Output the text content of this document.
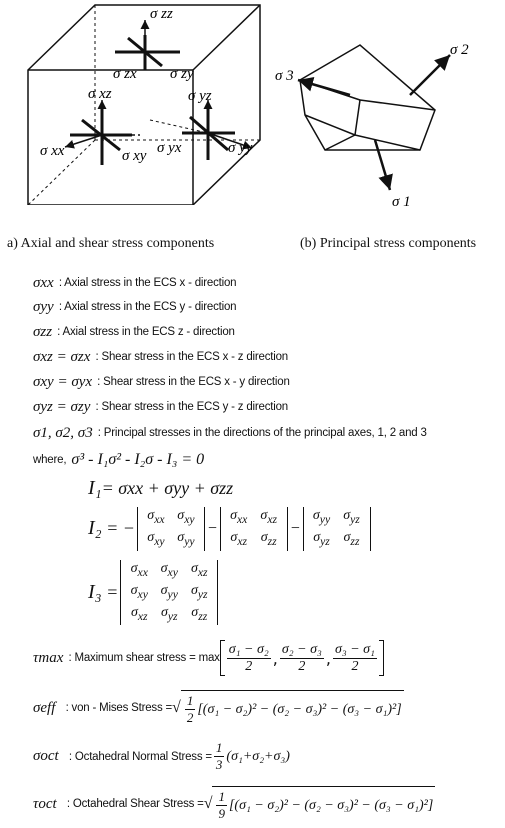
σ zz
σ zx σ zy
σ xz	σ yz
σ xx	σ xy σ yx	σ yy
σ 3
σ 2
σ 1
a) Axial and shear stress components	(b) Principal stress components
σxx
: Axial stress in the ECS x - direction
σyy
: Axial stress in the ECS y - direction
σzz
: Axial stress in the ECS z - direction
σxz = σzx
: Shear stress in the ECS x - z direction
σxy = σyx
: Shear stress in the ECS x - y direction
σyz = σzy
: Shear stress in the ECS y - z direction
σ1, σ2, σ3
: Principal stresses in the directions of the principal axes, 1, 2 and 3
where,
σ³ - I₁σ² - I₂σ - I₃ = 0
I₁ = σxx + σyy + σzz
I₂ = −
$\sigma_{xx}$ $\sigma_{xy}$
$\sigma_{xy}$ $\sigma_{yy}$
−
$\sigma_{xx}$ $\sigma_{xz}$
$\sigma_{xz}$ $\sigma_{zz}$
−
$\sigma_{yy}$ $\sigma_{yz}$
$\sigma_{yz}$ $\sigma_{zz}$
I₃ =
$\sigma_{xx}$ $\sigma_{xy}$ $\sigma_{xz}$
$\sigma_{xy}$ $\sigma_{yy}$ $\sigma_{yz}$
$\sigma_{xz}$ $\sigma_{yz}$ $\sigma_{zz}$
τmax
: Maximum shear stress = $\max \frac{\text{σ₁ − σ₂}}{2}$ , $\frac{\text{σ₂ − σ₃}}{2}$ , $\frac{\text{σ₃ − σ₁}}{2}$
σeff
: von - Mises Stress = √ $\frac{1}{2} [(\sigma_1 - \sigma_2)^2 - (\sigma_2 - \sigma_3)^2 - (\sigma_3 - \sigma_1)^2]$
σoct
: Octahedral Normal Stress = $\frac{1}{3} (\sigma_1+\sigma_2+\sigma_3)$
τoct
: Octahedral Shear Stress = √ $\frac{1}{9} [(\sigma_1 - \sigma_2)^2 - (\sigma_2 - \sigma_3)^2 - (\sigma_3 - \sigma_1)^2]$
